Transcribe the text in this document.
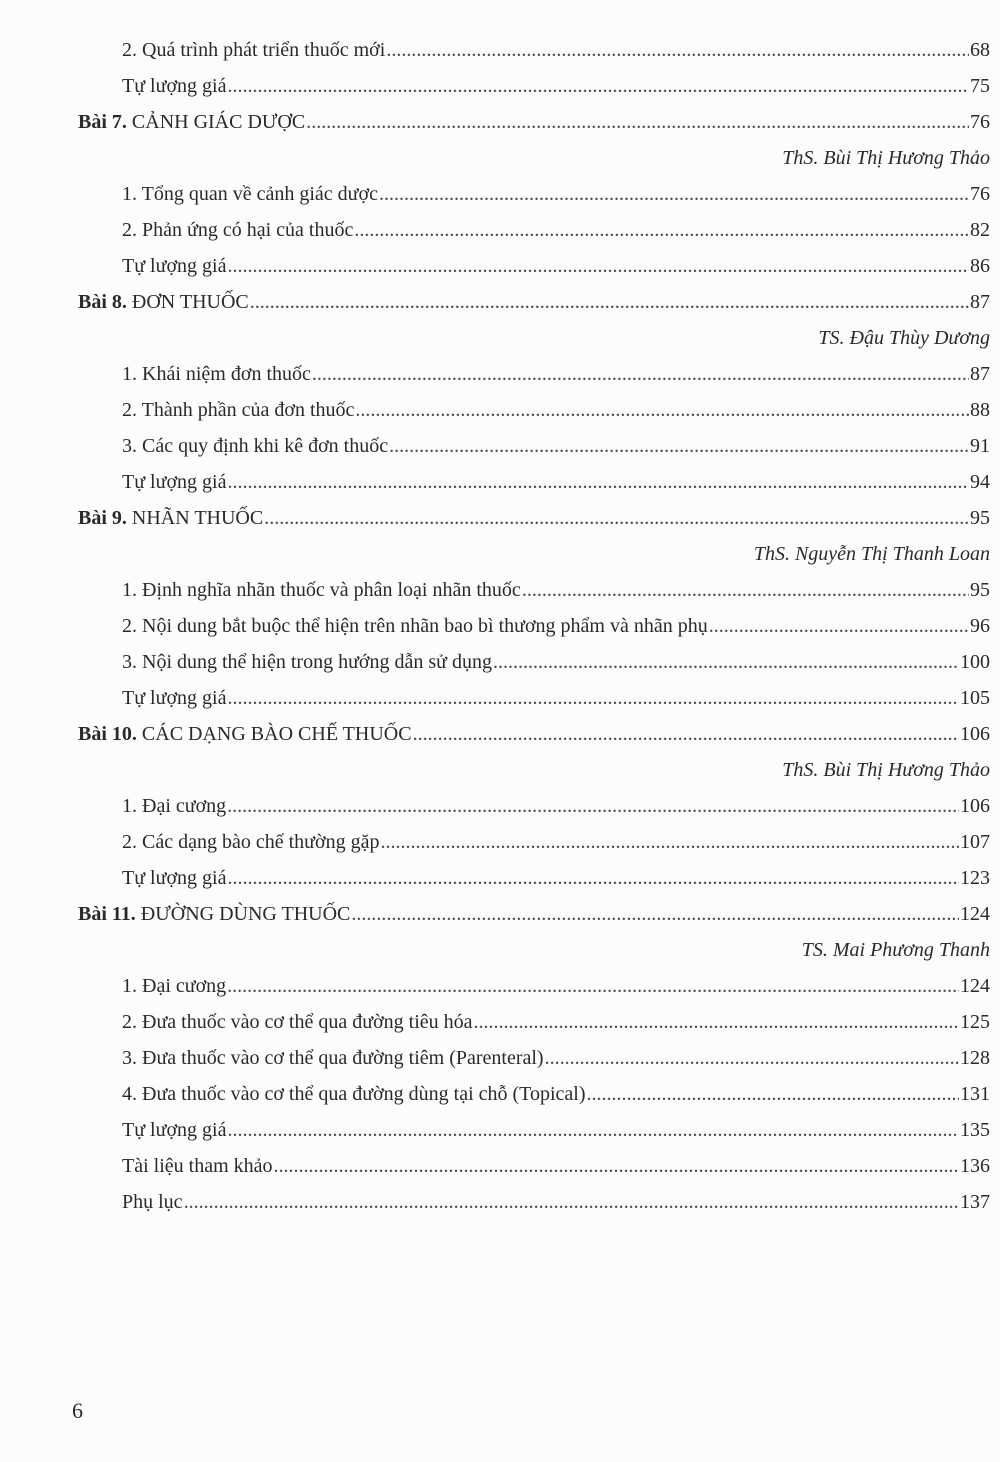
2. Quá trình phát triển thuốc mới .....	68
Tự lượng giá .....	75
Bài 7. CẢNH GIÁC DƯỢC .....	76
ThS. Bùi Thị Hương Thảo
1. Tổng quan về cảnh giác dược .....	76
2. Phản ứng có hại của thuốc .....	82
Tự lượng giá .....	86
Bài 8. ĐƠN THUỐC .....	87
TS. Đậu Thùy Dương
1. Khái niệm đơn thuốc .....	87
2. Thành phần của đơn thuốc .....	88
3. Các quy định khi kê đơn thuốc .....	91
Tự lượng giá .....	94
Bài 9. NHÃN THUỐC .....	95
ThS. Nguyễn Thị Thanh Loan
1. Định nghĩa nhãn thuốc và phân loại nhãn thuốc .....	95
2. Nội dung bắt buộc thể hiện trên nhãn bao bì thương phẩm và nhãn phụ .....	96
3. Nội dung thể hiện trong hướng dẫn sử dụng .....	100
Tự lượng giá .....	105
Bài 10. CÁC DẠNG BÀO CHẾ THUỐC .....	106
ThS. Bùi Thị Hương Thảo
1. Đại cương .....	106
2. Các dạng bào chế thường gặp .....	107
Tự lượng giá .....	123
Bài 11. ĐƯỜNG DÙNG THUỐC .....	124
TS. Mai Phương Thanh
1. Đại cương .....	124
2. Đưa thuốc vào cơ thể qua đường tiêu hóa .....	125
3. Đưa thuốc vào cơ thể qua đường tiêm (Parenteral) .....	128
4. Đưa thuốc vào cơ thể qua đường dùng tại chỗ (Topical) .....	131
Tự lượng giá .....	135
Tài liệu tham khảo .....	136
Phụ lục .....	137
6
